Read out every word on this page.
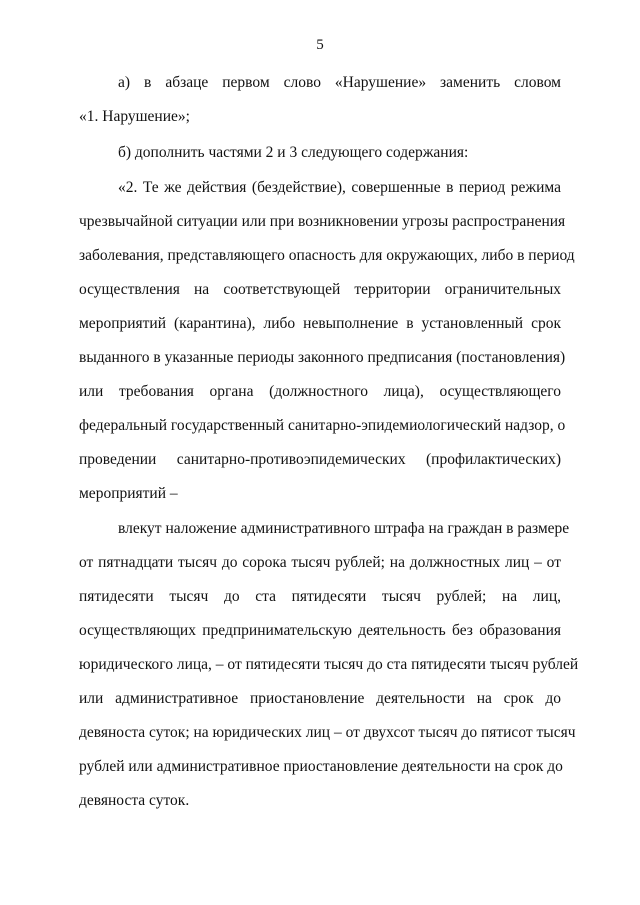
5
а) в абзаце первом слово «Нарушение» заменить словом
«1. Нарушение»;
б) дополнить частями 2 и 3 следующего содержания:
«2. Те же действия (бездействие), совершенные в период режима
чрезвычайной ситуации или при возникновении угрозы распространения
заболевания, представляющего опасность для окружающих, либо в период
осуществления на соответствующей территории ограничительных
мероприятий (карантина), либо невыполнение в установленный срок
выданного в указанные периоды законного предписания (постановления)
или требования органа (должностного лица), осуществляющего
федеральный государственный санитарно-эпидемиологический надзор, о
проведении санитарно-противоэпидемических (профилактических)
мероприятий –
влекут наложение административного штрафа на граждан в размере
от пятнадцати тысяч до сорока тысяч рублей; на должностных лиц – от
пятидесяти тысяч до ста пятидесяти тысяч рублей; на лиц,
осуществляющих предпринимательскую деятельность без образования
юридического лица, – от пятидесяти тысяч до ста пятидесяти тысяч рублей
или административное приостановление деятельности на срок до
девяноста суток; на юридических лиц – от двухсот тысяч до пятисот тысяч
рублей или административное приостановление деятельности на срок до
девяноста суток.
